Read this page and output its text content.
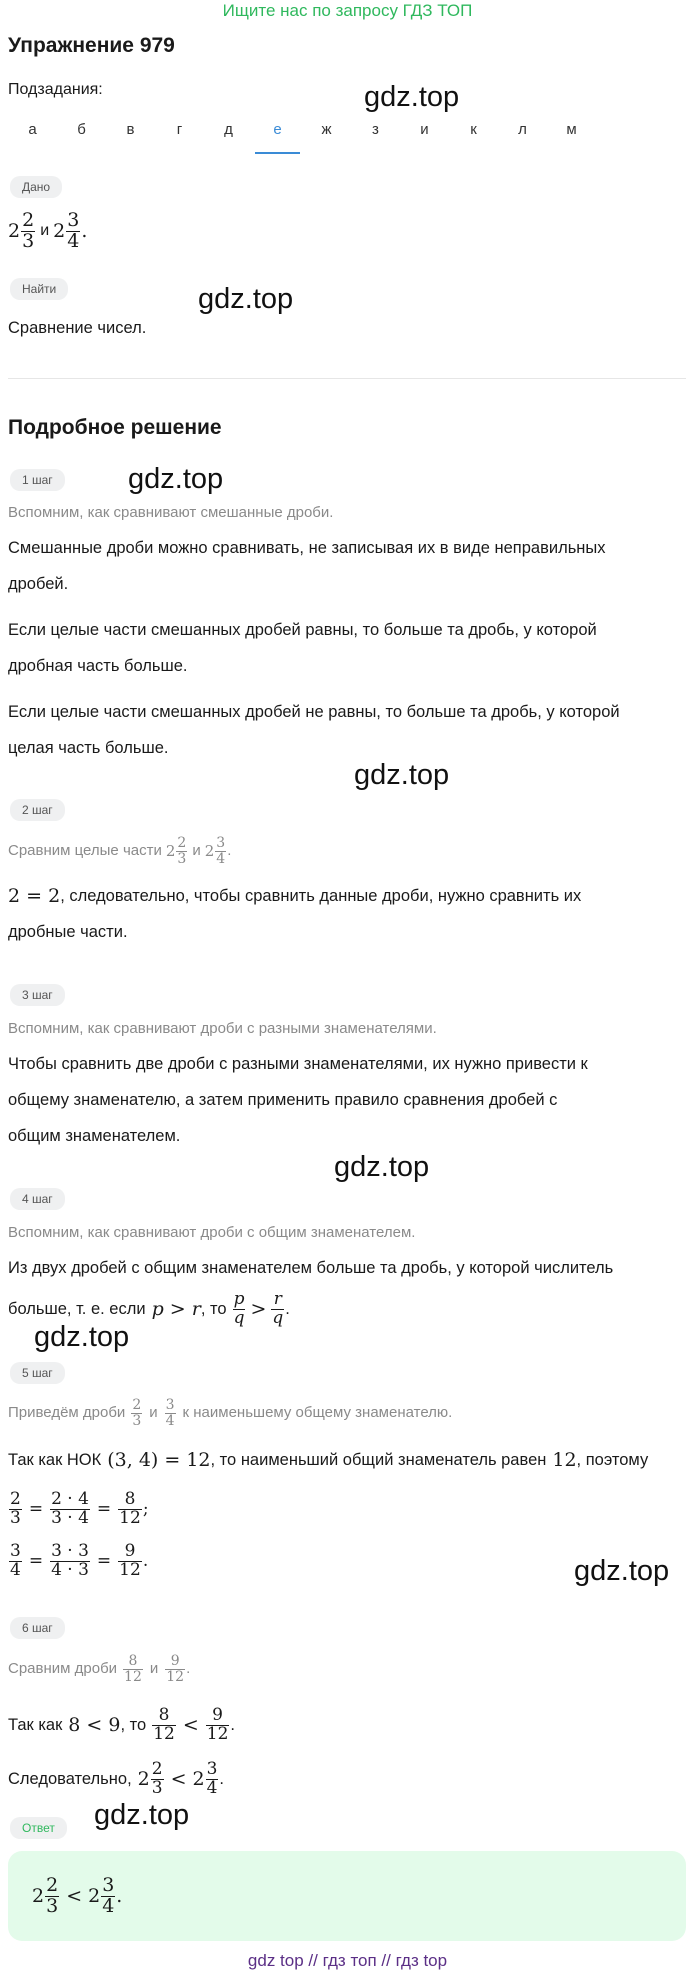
Ищите нас по запросу ГДЗ ТОП
Упражнение 979
Подзадания:	gdz.top
а	б	в	г	д	е	ж	з	и	к	л	м
Дано
$2 \frac{2}{3}$ и $2 \frac{3}{4}$ .
Найти	gdz.top
Сравнение чисел.
Подробное решение
1 шаг	gdz.top
Вспомним, как сравнивают смешанные дроби.
Смешанные дроби можно сравнивать, не записывая их в виде неправильных
дробей.
Если целые части смешанных дробей равны, то больше та дробь, у которой
дробная часть больше.
Если целые части смешанных дробей не равны, то больше та дробь, у которой
целая часть больше.
gdz.top
2 шаг
Сравним целые части $2 \frac{2}{3}$ и $2 \frac{3}{4}$ .
2 = 2 , следовательно, чтобы сравнить данные дроби, нужно сравнить их
дробные части.
3 шаг
Вспомним, как сравнивают дроби с разными знаменателями.
Чтобы сравнить две дроби с разными знаменателями, их нужно привести к
общему знаменателю, а затем применить правило сравнения дробей с
общим знаменателем.
gdz.top
4 шаг
Вспомним, как сравнивают дроби с общим знаменателем.
Из двух дробей с общим знаменателем больше та дробь, у которой числитель
больше, т. е. если p > r , то $\frac{p}{q} > \frac{r}{q}$ .
gdz.top
5 шаг
Приведём дроби $\frac{2}{3}$ и $\frac{3}{4}$ к наименьшему общему знаменателю.
Так как НОК (3, 4) = 12 , то наименьший общий знаменатель равен 12 , поэтому
$\frac{2}{3} = \frac{2 \cdot 4}{3 \cdot 4} = \frac{8}{12}$ ;
$\frac{3}{4} = \frac{3 \cdot 3}{4 \cdot 3} = \frac{9}{12}$ .	gdz.top
6 шаг
Сравним дроби $\frac{8}{12}$ и $\frac{9}{12}$ .
Так как 8 < 9 , то $\frac{8}{12} < \frac{9}{12}$ .
Следовательно, $2 \frac{2}{3} < 2 \frac{3}{4}$ .
Ответ	gdz.top
$2 \frac{2}{3} < 2 \frac{3}{4}$ .
gdz top // гдз топ // гдз top
